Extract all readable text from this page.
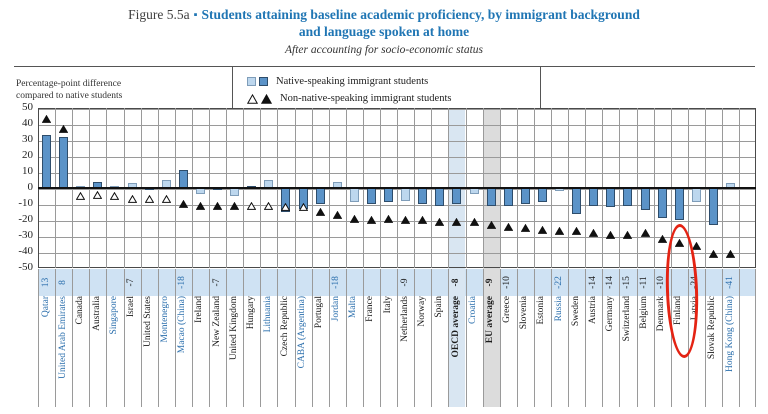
Figure 5.5a ▪ Students attaining baseline academic proficiency, by immigrant background
and language spoken at home
After accounting for socio-economic status
Percentage-point difference
compared to native students
Native-speaking immigrant students
Non-native-speaking immigrant students
50
40
30
20
10
0
-10
-20
-30
-40
-50
13
Qatar
8
United Arab Emirates Canada Australia Singapore
-7
Israel United States Montenegro
-18
Macao (China) Ireland
-7
New Zealand United Kingdom Hungary Lithuania Czech Republic CABA (Argentina) Portugal
-18
Jordan Malta France Italy
-9
Netherlands Norway Spain
-8
OECD average Croatia
-9
EU average
-10
Greece Slovenia Estonia
-22
Russia Sweden
-14
Austria
-14
Germany
-15
Switzerland
-11
Belgium
-10
Denmark Finland
-24
Latvia Slovak Republic
-41
Hong Kong (China)
